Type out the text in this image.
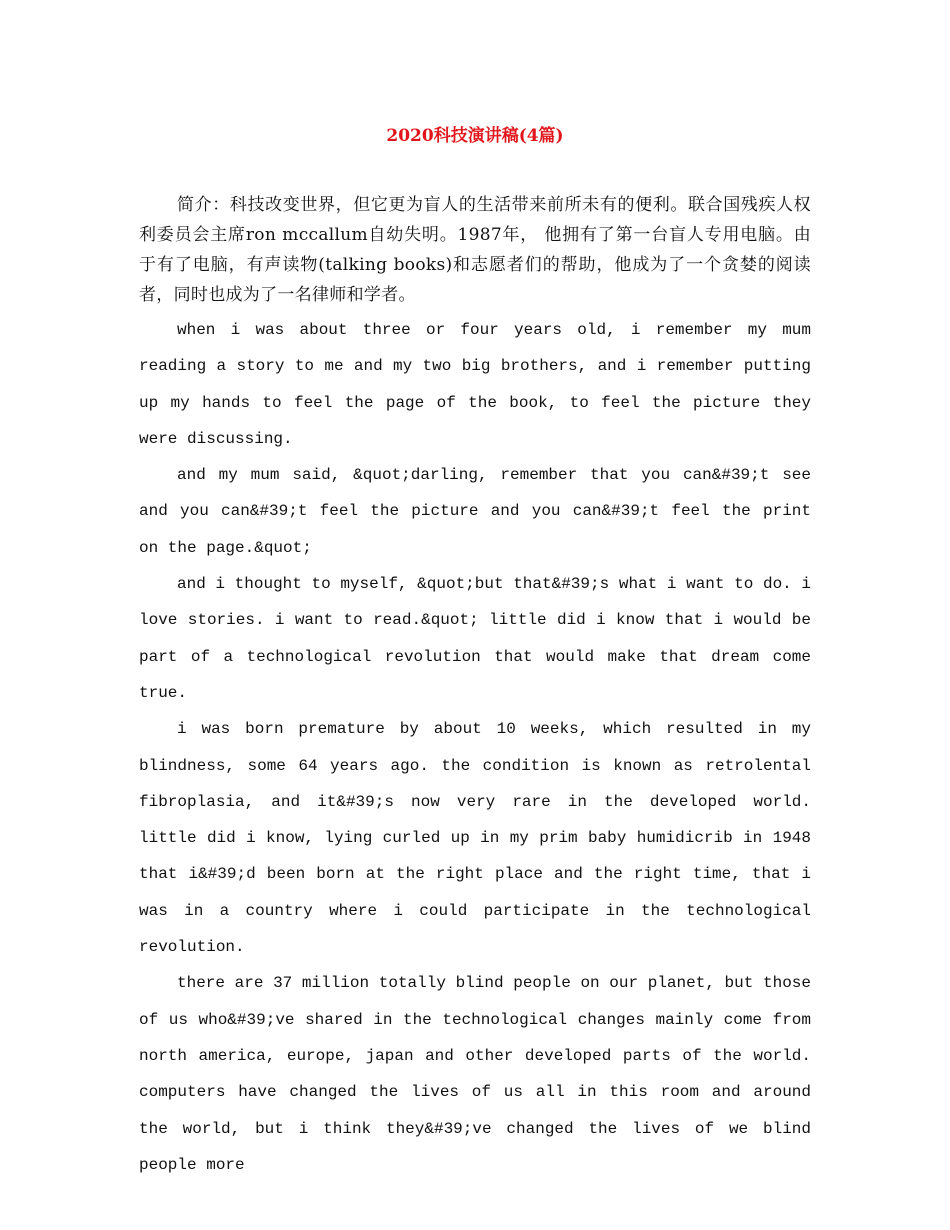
2020科技演讲稿(4篇)

简介：科技改变世界，但它更为盲人的生活带来前所未有的便利。联合国残疾人权利委员会主席ron mccallum自幼失明。1987年， 他拥有了第一台盲人专用电脑。由于有了电脑，有声读物(talking books)和志愿者们的帮助，他成为了一个贪婪的阅读者，同时也成为了一名律师和学者。

when i was about three or four years old, i remember my mum reading a story to me and my two big brothers, and i remember putting up my hands to feel the page of the book, to feel the picture they were discussing.

and my mum said, &quot;darling, remember that you can&#39;t see and you can&#39;t feel the picture and you can&#39;t feel the print on the page.&quot;

and i thought to myself, &quot;but that&#39;s what i want to do. i love stories. i want to read.&quot; little did i know that i would be part of a technological revolution that would make that dream come true.

i was born premature by about 10 weeks, which resulted in my blindness, some 64 years ago. the condition is known as retrolental fibroplasia, and it&#39;s now very rare in the developed world. little did i know, lying curled up in my prim baby humidicrib in 1948 that i&#39;d been born at the right place and the right time, that i was in a country where i could participate in the technological revolution.

there are 37 million totally blind people on our planet, but those of us who&#39;ve shared in the technological changes mainly come from north america, europe, japan and other developed parts of the world. computers have changed the lives of us all in this room and around the world, but i think they&#39;ve changed the lives of we blind people more
